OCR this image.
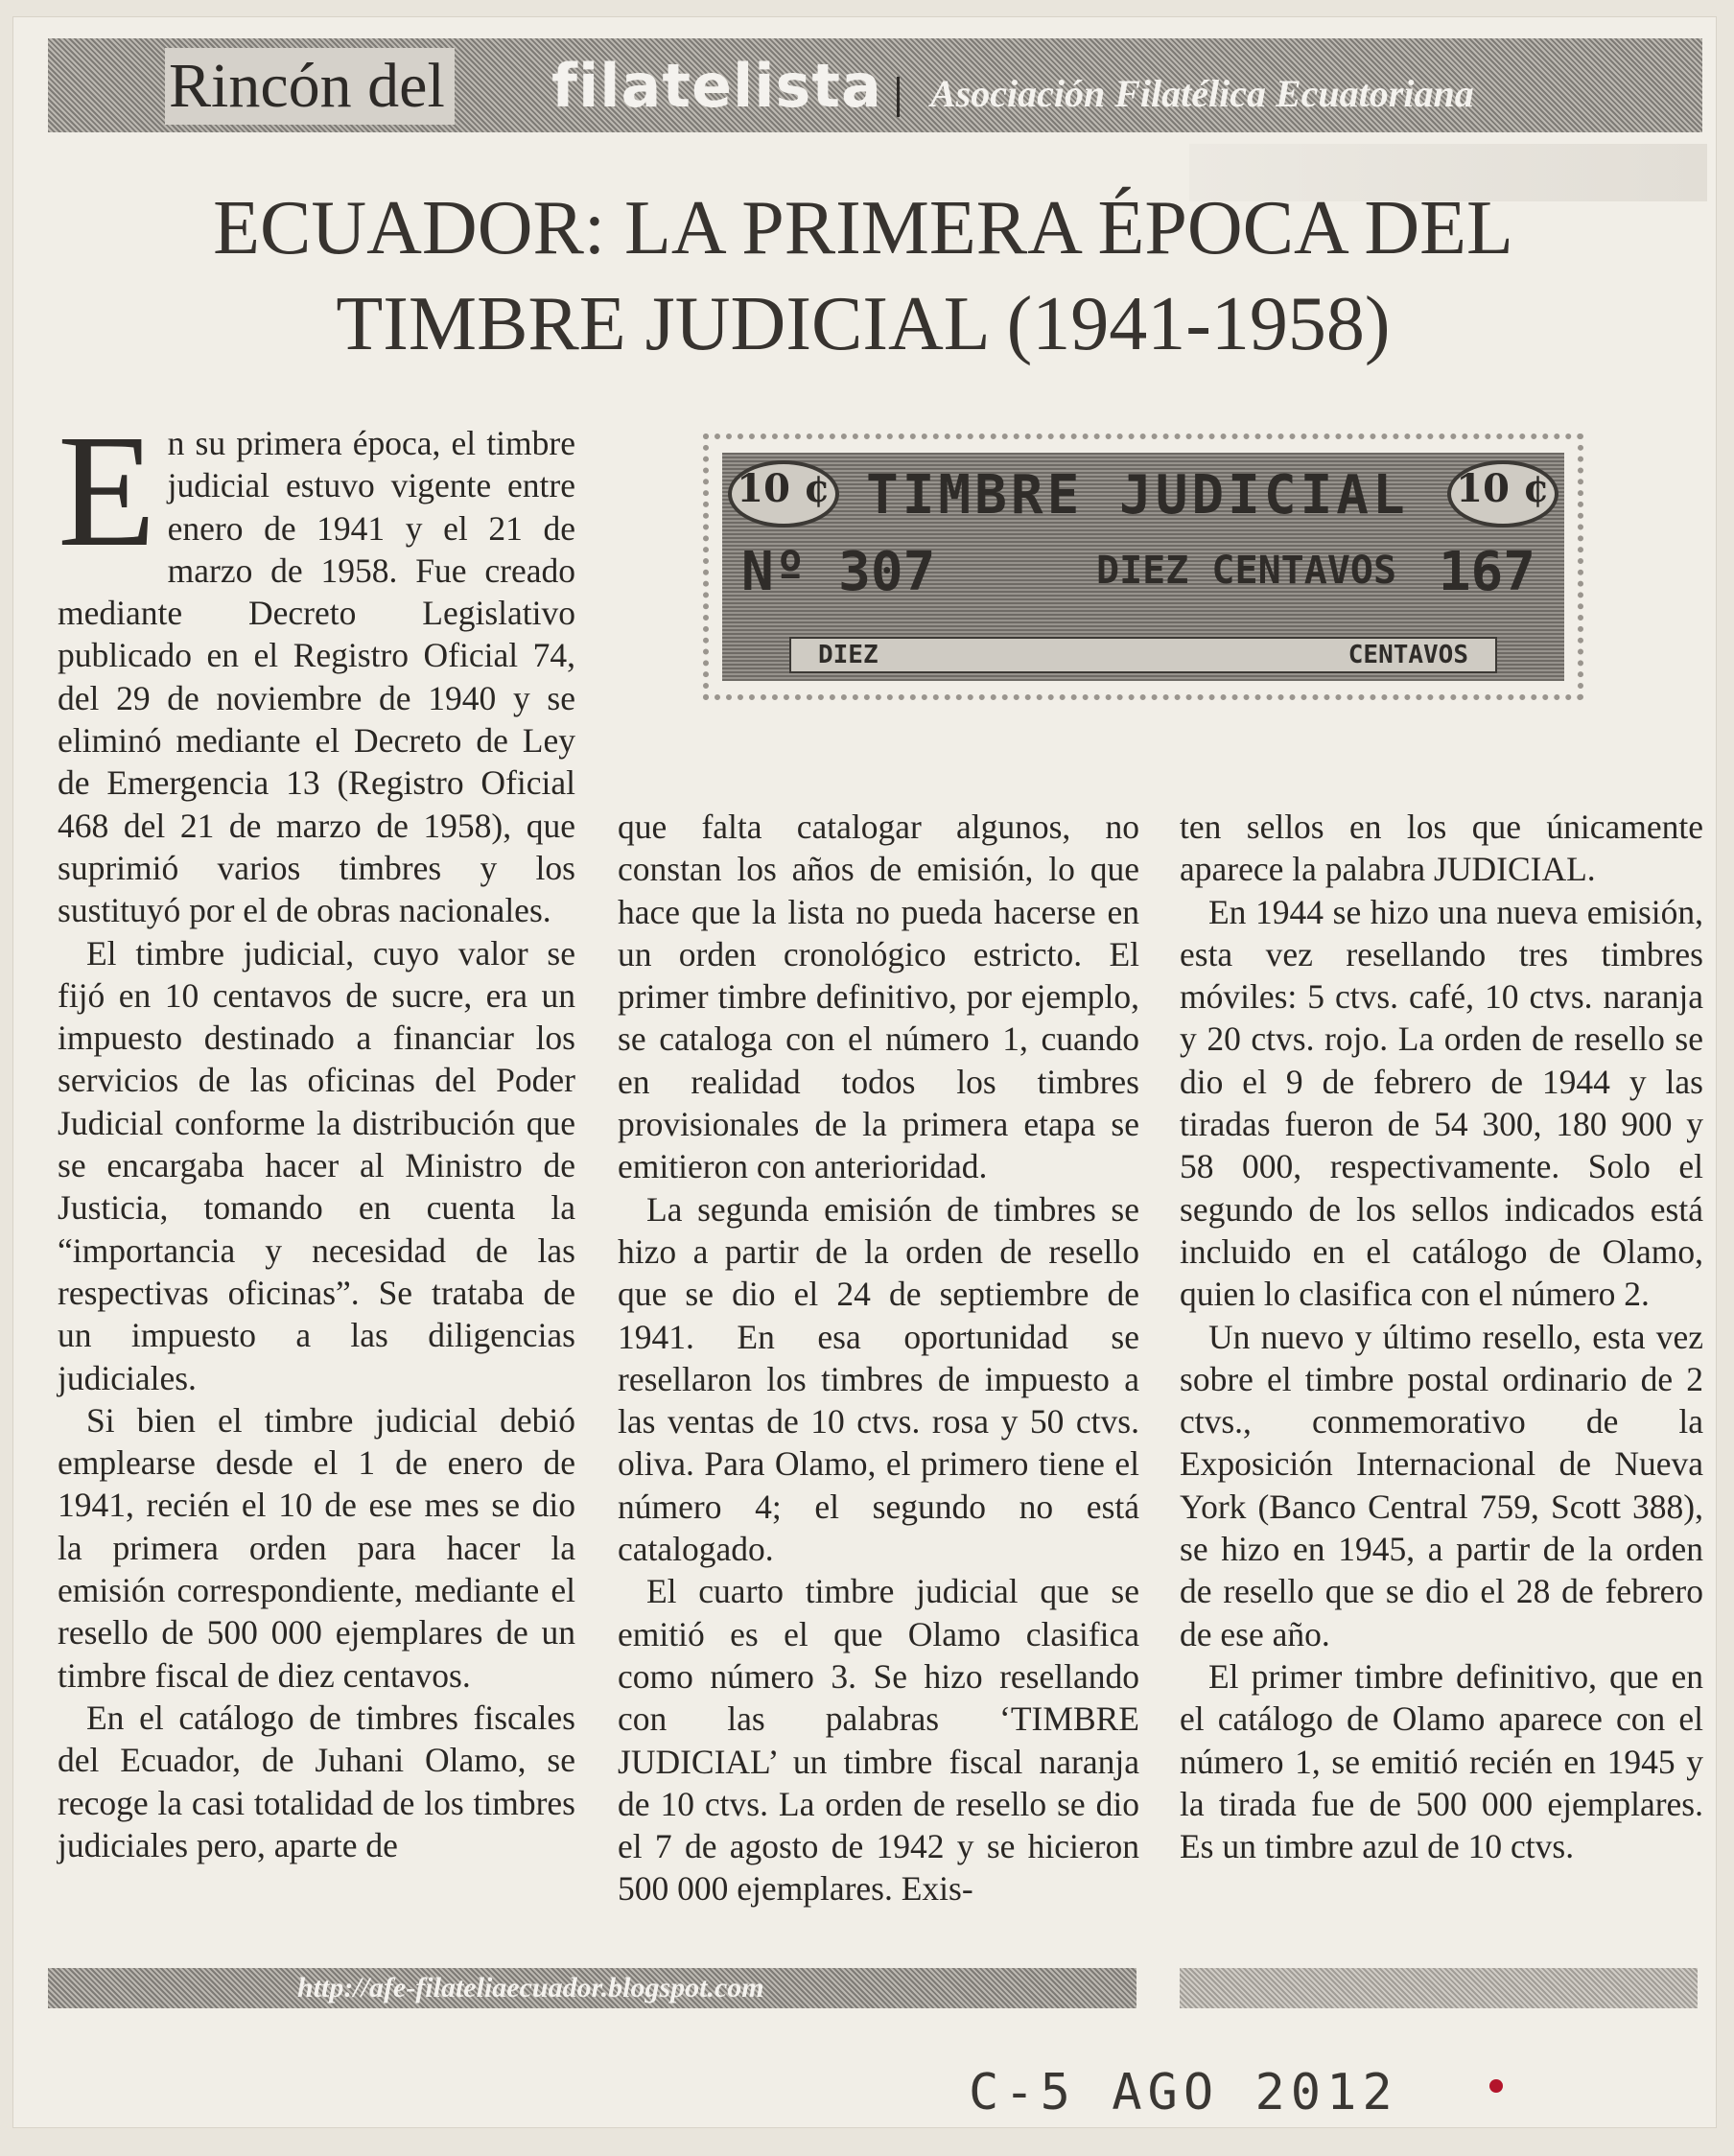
Rincón del filatelista Asociación Filatélica Ecuatoriana
ECUADOR: LA PRIMERA ÉPOCA DEL
TIMBRE JUDICIAL (1941-1958)
10 ¢	10 ¢
TIMBRE JUDICIAL
Nº 307	DIEZ CENTAVOS 167
DIEZ	CENTAVOS

En su primera época, el timbre judicial estuvo vigente entre enero de 1941 y el 21 de marzo de 1958. Fue creado mediante Decreto Legislativo publicado en el Registro Oficial 74, del 29 de noviembre de 1940 y se eliminó mediante el Decreto de Ley de Emergencia 13 (Registro Oficial 468 del 21 de marzo de 1958), que suprimió varios timbres y los sustituyó por el de obras nacionales.

El timbre judicial, cuyo valor se fijó en 10 centavos de sucre, era un impuesto destinado a financiar los servicios de las oficinas del Poder Judicial conforme la distribución que se encargaba hacer al Ministro de Justicia, tomando en cuenta la “importancia y necesidad de las respectivas oficinas”. Se trataba de un impuesto a las diligencias judiciales.

Si bien el timbre judicial debió emplearse desde el 1 de enero de 1941, recién el 10 de ese mes se dio la primera orden para hacer la emisión correspondiente, mediante el resello de 500 000 ejemplares de un timbre fiscal de diez centavos.

En el catálogo de timbres fiscales del Ecuador, de Juhani Olamo, se recoge la casi totalidad de los timbres judiciales pero, aparte de

que falta catalogar algunos, no constan los años de emisión, lo que hace que la lista no pueda hacerse en un orden cronológico estricto. El primer timbre definitivo, por ejemplo, se cataloga con el número 1, cuando en realidad todos los timbres provisionales de la primera etapa se emitieron con anterioridad.

La segunda emisión de timbres se hizo a partir de la orden de resello que se dio el 24 de septiembre de 1941. En esa oportunidad se resellaron los timbres de impuesto a las ventas de 10 ctvs. rosa y 50 ctvs. oliva. Para Olamo, el primero tiene el número 4; el segundo no está catalogado.

El cuarto timbre judicial que se emitió es el que Olamo clasifica como número 3. Se hizo resellando con las palabras ‘TIMBRE JUDICIAL’ un timbre fiscal naranja de 10 ctvs. La orden de resello se dio el 7 de agosto de 1942 y se hicieron 500 000 ejemplares. Exis-

ten sellos en los que únicamente aparece la palabra JUDICIAL.

En 1944 se hizo una nueva emisión, esta vez resellando tres timbres móviles: 5 ctvs. café, 10 ctvs. naranja y 20 ctvs. rojo. La orden de resello se dio el 9 de febrero de 1944 y las tiradas fueron de 54 300, 180 900 y 58 000, respectivamente. Solo el segundo de los sellos indicados está incluido en el catálogo de Olamo, quien lo clasifica con el número 2.

Un nuevo y último resello, esta vez sobre el timbre postal ordinario de 2 ctvs., conmemorativo de la Exposición Internacional de Nueva York (Banco Central 759, Scott 388), se hizo en 1945, a partir de la orden de resello que se dio el 28 de febrero de ese año.

El primer timbre definitivo, que en el catálogo de Olamo aparece con el número 1, se emitió recién en 1945 y la tirada fue de 500 000 ejemplares. Es un timbre azul de 10 ctvs.

http://afe-filateliaecuador.blogspot.com
C-5 AGO 2012
